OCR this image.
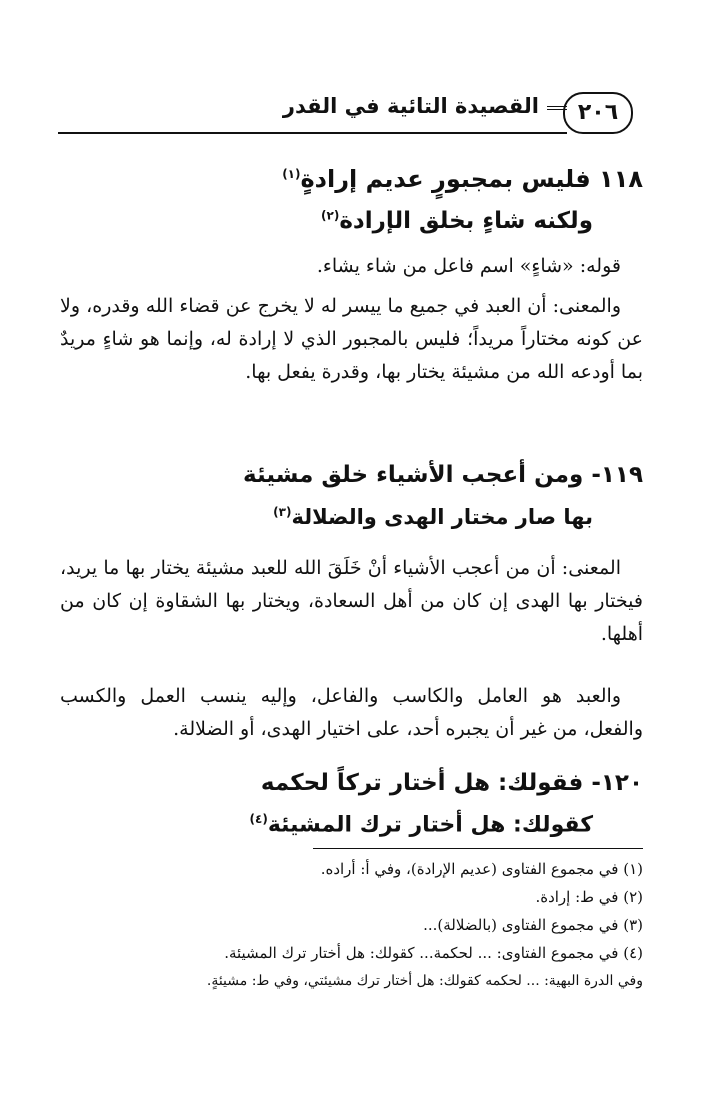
٢٠٦
القصيدة التائية في القدر
١١٨ فليس بمجبورٍ عديم إرادةٍ$^{(١)}$
ولكنه شاءٍ بخلق الإرادة$^{(٢)}$
قوله: «شاءٍ» اسم فاعل من شاء يشاء.
والمعنى: أن العبد في جميع ما ييسر له لا يخرج عن قضاء الله وقدره، ولا عن كونه مختاراً مريداً؛ فليس بالمجبور الذي لا إرادة له، وإنما هو شاءٍ مريدٌ بما أودعه الله من مشيئة يختار بها، وقدرة يفعل بها.
١١٩- ومن أعجب الأشياء خلق مشيئة
بها صار مختار الهدى والضلالة$^{(٣)}$
المعنى: أن من أعجب الأشياء أنْ خَلَقَ الله للعبد مشيئة يختار بها ما يريد، فيختار بها الهدى إن كان من أهل السعادة، ويختار بها الشقاوة إن كان من أهلها.
والعبد هو العامل والكاسب والفاعل، وإليه ينسب العمل والكسب والفعل، من غير أن يجبره أحد، على اختيار الهدى، أو الضلالة.
١٢٠- فقولك: هل أختار تركاً لحكمه
كقولك: هل أختار ترك المشيئة$^{(٤)}$
(١) في مجموع الفتاوى (عديم الإرادة)، وفي أ: أراده.
(٢) في ط: إرادة.
(٣) في مجموع الفتاوى (بالضلالة)...
(٤) في مجموع الفتاوى: ... لحكمة... كقولك: هل أختار ترك المشيئة.
وفي الدرة البهية: ... لحكمه كقولك: هل أختار ترك مشيئتي، وفي ط: مشيئةٍ.
